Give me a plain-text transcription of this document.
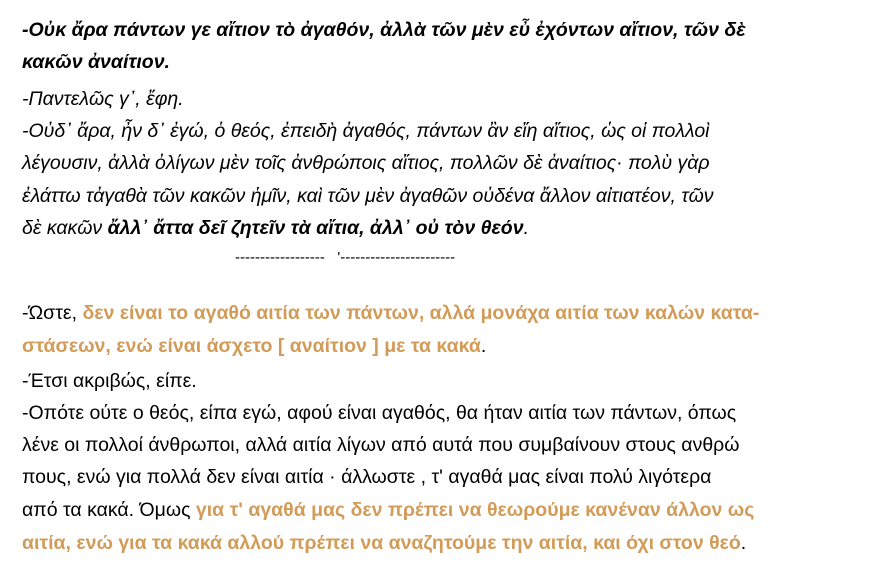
-Οὐκ ἄρα πάντων γε αἴτιον τὸ ἀγαθόν, ἀλλὰ τῶν μὲν εὖ ἐχόντων αἴτιον, τῶν δὲ
κακῶν ἀναίτιον.
-Παντελῶς γ᾽, ἔφη.
-Οὐδ᾽ ἄρα, ἦν δ᾽ ἐγώ, ὁ θεός, ἐπειδὴ ἀγαθός, πάντων ἂν εἴη αἴτιος, ὡς οἱ πολλοὶ
λέγουσιν, ἀλλὰ ὀλίγων μὲν τοῖς ἀνθρώποις αἴτιος, πολλῶν δὲ ἀναίτιος· πολὺ γὰρ
ἐλάττω τἀγαθὰ τῶν κακῶν ἡμῖν, καὶ τῶν μὲν ἀγαθῶν οὐδένα ἄλλον αἰτιατέον, τῶν
δὲ κακῶν ἄλλ᾽ ἄττα δεῖ ζητεῖν τὰ αἴτια, ἀλλ᾽ οὐ τὸν θεόν.
------------------   '-----------------------
-Ώστε, δεν είναι το αγαθό αιτία των πάντων, αλλά μονάχα αιτία των καλών κατα-
στάσεων, ενώ είναι άσχετο [ αναίτιον ] με τα κακά.
-Έτσι ακριβώς, είπε.
-Οπότε ούτε ο θεός, είπα εγώ, αφού είναι αγαθός, θα ήταν αιτία των πάντων, όπως
λένε οι πολλοί άνθρωποι, αλλά αιτία λίγων από αυτά που συμβαίνουν στους ανθρώ
πους, ενώ για πολλά δεν είναι αιτία · άλλωστε , τ' αγαθά μας είναι πολύ λιγότερα
από τα κακά. Όμως για τ' αγαθά μας δεν πρέπει να θεωρούμε κανέναν άλλον ως
αιτία, ενώ για τα κακά αλλού πρέπει να αναζητούμε την αιτία, και όχι στον θεό.
